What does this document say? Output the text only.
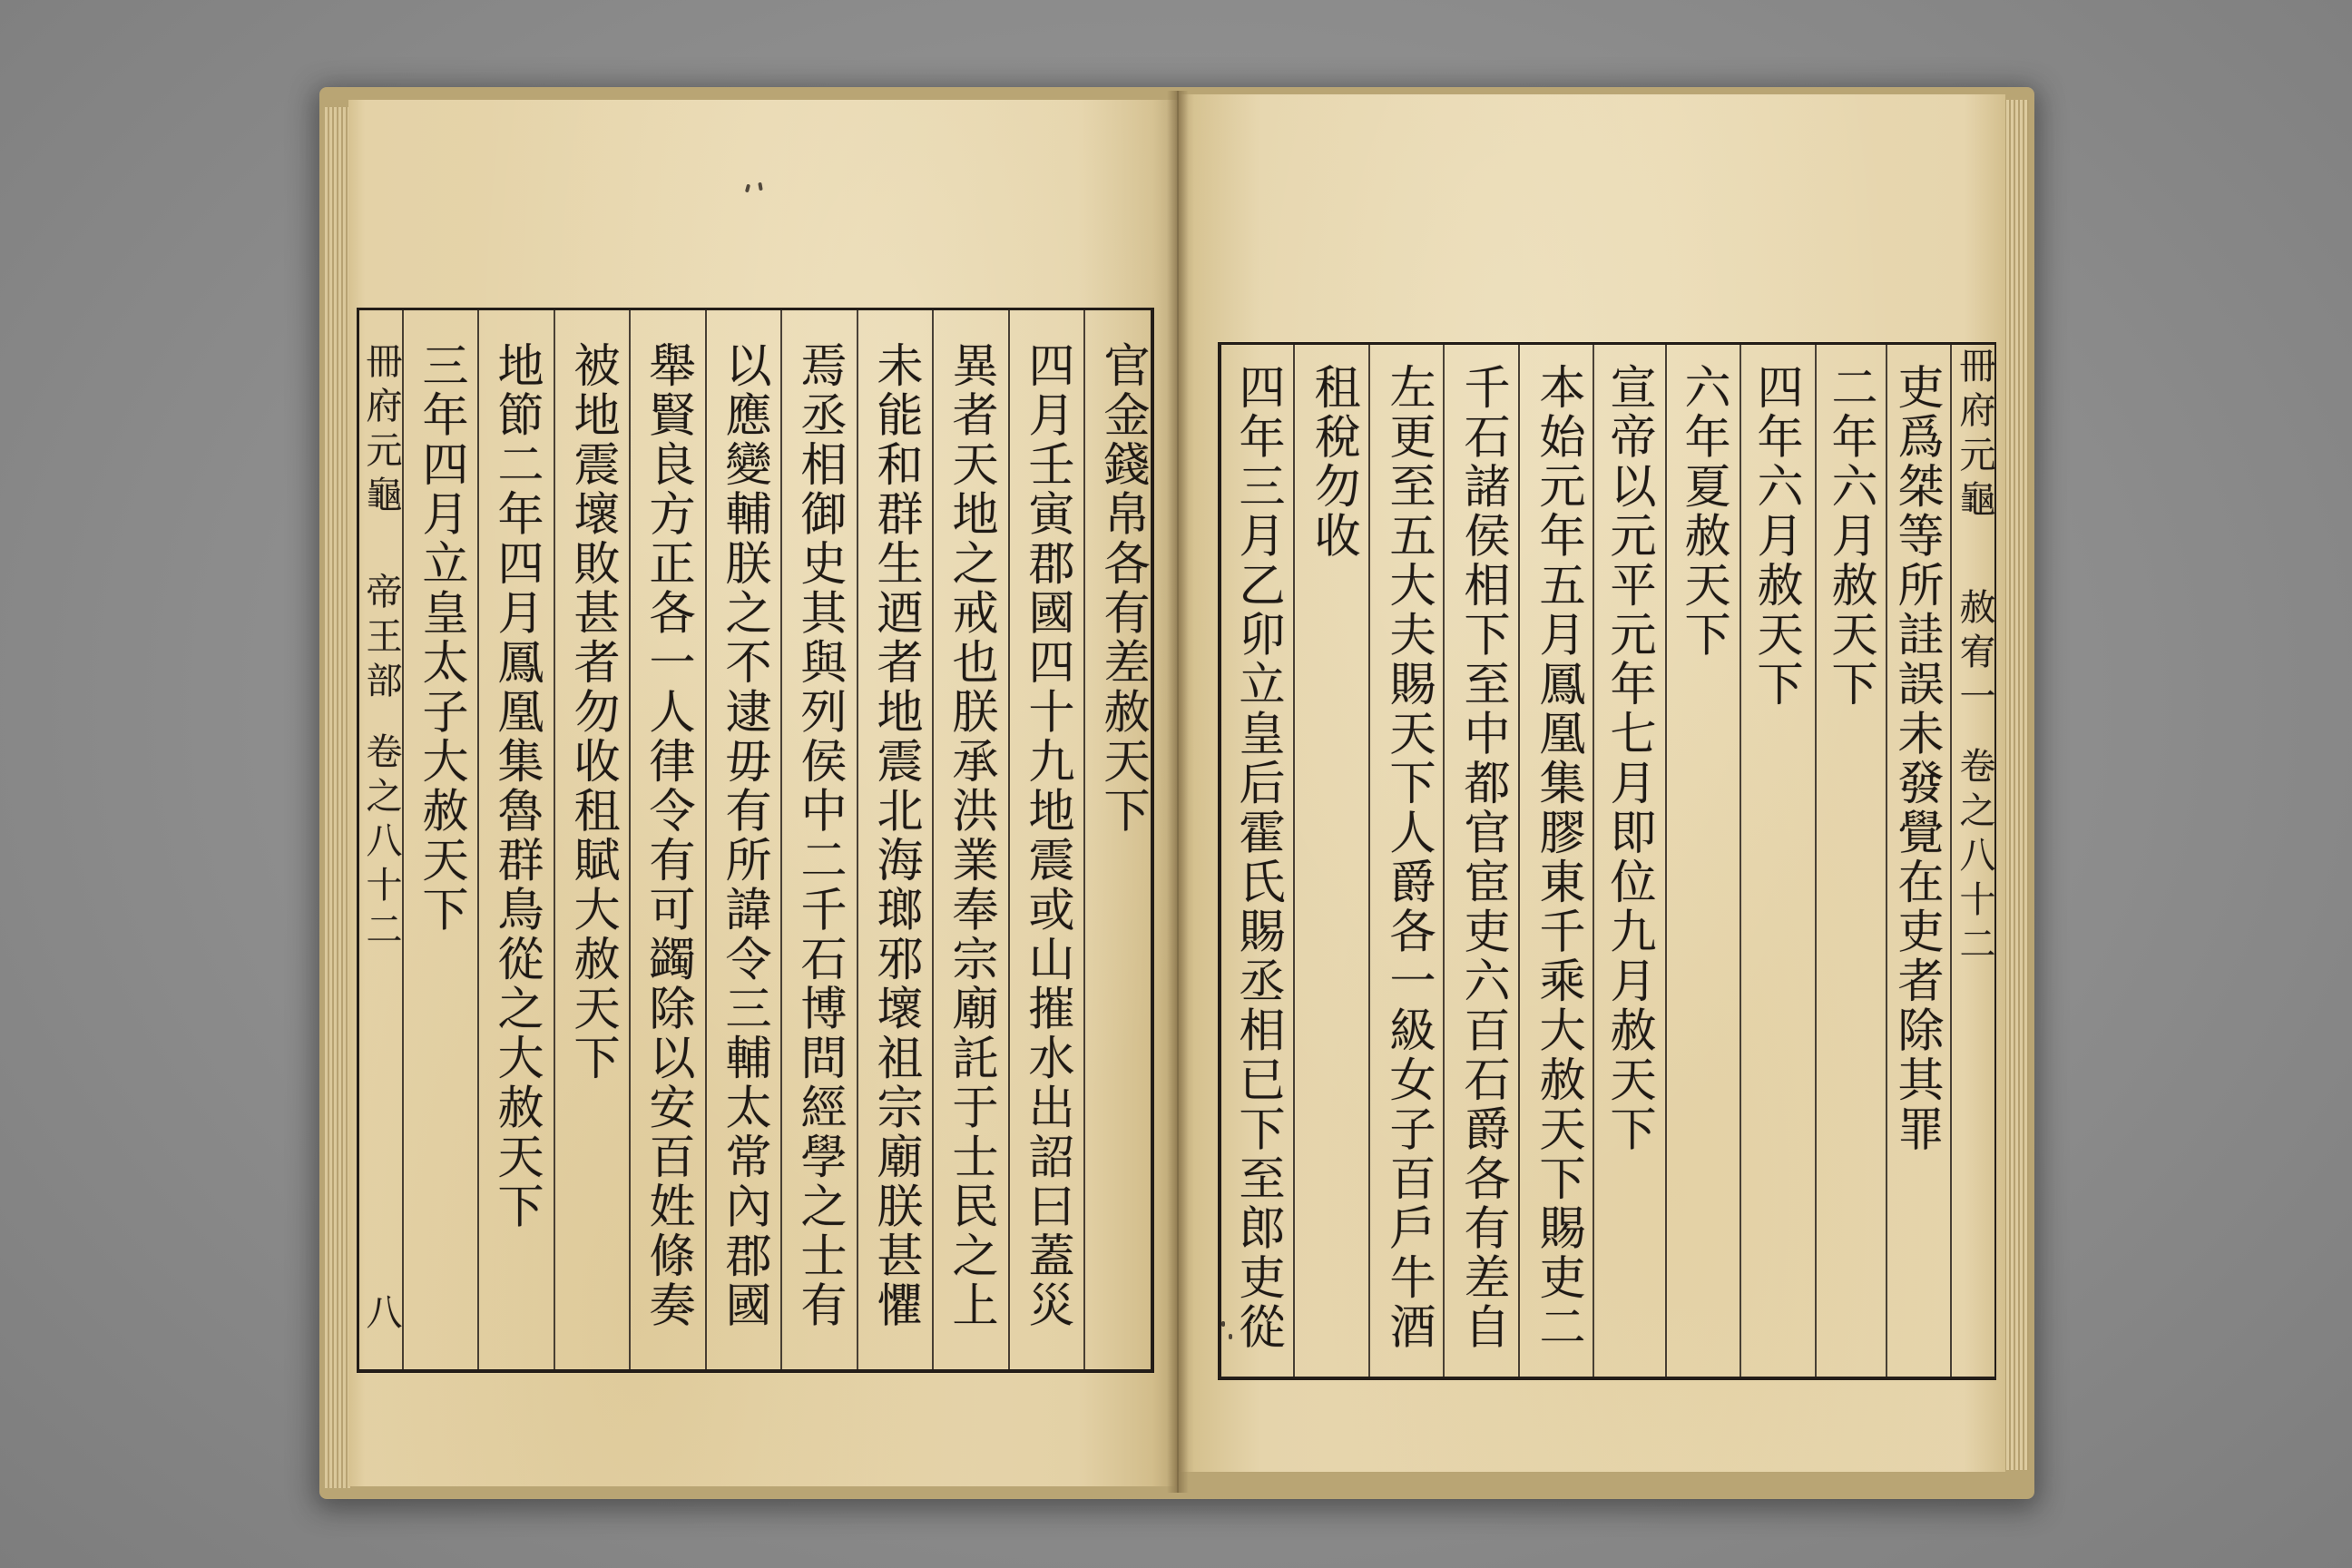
官金錢帛各有差赦天下
四月壬寅郡國四十九地震或山摧水出詔曰蓋災
異者天地之戒也朕承洪業奉宗廟託于士民之上
未能和群生迺者地震北海瑯邪壞祖宗廟朕甚懼
焉丞相御史其與列侯中二千石博問經學之士有
以應變輔朕之不逮毋有所諱令三輔太常內郡國
舉賢良方正各一人律令有可蠲除以安百姓條奏
被地震壞敗甚者勿收租賦大赦天下
地節二年四月鳳凰集魯群鳥從之大赦天下
三年四月立皇太子大赦天下
冊府元龜
帝王部
卷之八十二
八
吏爲桀等所詿誤未發覺在吏者除其罪
二年六月赦天下
四年六月赦天下
六年夏赦天下
宣帝以元平元年七月即位九月赦天下
本始元年五月鳳凰集膠東千乘大赦天下賜吏二
千石諸侯相下至中都官宦吏六百石爵各有差自
左更至五大夫賜天下人爵各一級女子百戶牛酒
租稅勿收
四年三月乙卯立皇后霍氏賜丞相已下至郎吏從	冊府元龜
赦宥一
卷之八十二
